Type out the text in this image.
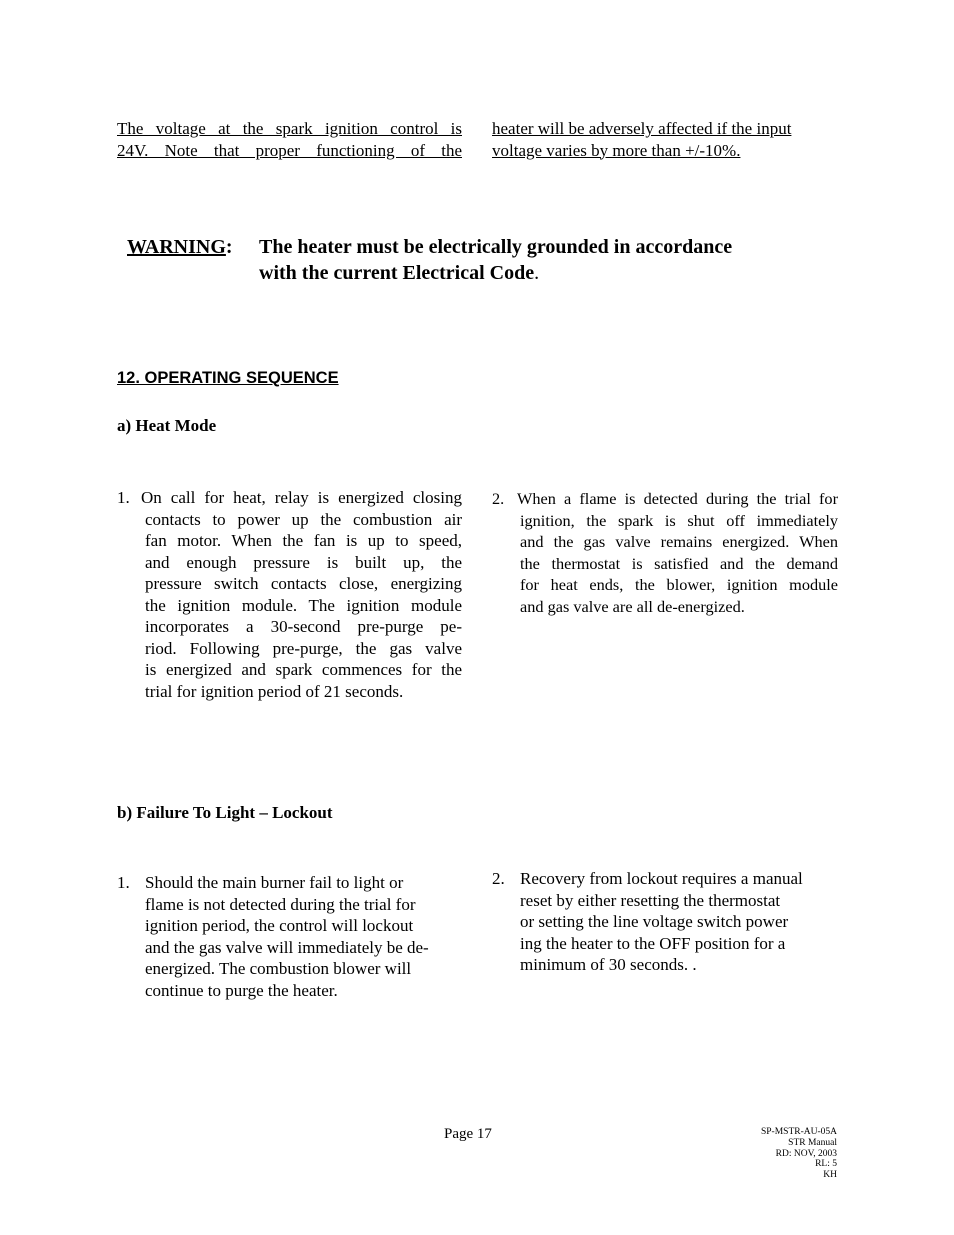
The voltage at the spark ignition control is
24V. Note that proper functioning of the
heater will be adversely affected if the input
voltage varies by more than +/-10%.
WARNING: The heater must be electrically grounded in accordance
with the current Electrical Code.
12. OPERATING SEQUENCE
a) Heat Mode
1. On call for heat, relay is energized closing
contacts to power up the combustion air
fan motor. When the fan is up to speed,
and enough pressure is built up, the
pressure switch contacts close, energizing
the ignition module. The ignition module
incorporates a 30-second pre-purge pe-
riod. Following pre-purge, the gas valve
is energized and spark commences for the
trial for ignition period of 21 seconds.
2. When a flame is detected during the trial for
ignition, the spark is shut off immediately
and the gas valve remains energized. When
the thermostat is satisfied and the demand
for heat ends, the blower, ignition module
and gas valve are all de-energized.
b) Failure To Light – Lockout
1. Should the main burner fail to light or
flame is not detected during the trial for
ignition period, the control will lockout
and the gas valve will immediately be de-
energized. The combustion blower will
continue to purge the heater.
2. Recovery from lockout requires a manual
reset by either resetting the thermostat
or setting the line voltage switch power
ing the heater to the OFF position for a
minimum of 30 seconds. .
Page 17	SP-MSTR-AU-05A
STR Manual
RD: NOV, 2003
RL: 5
KH
